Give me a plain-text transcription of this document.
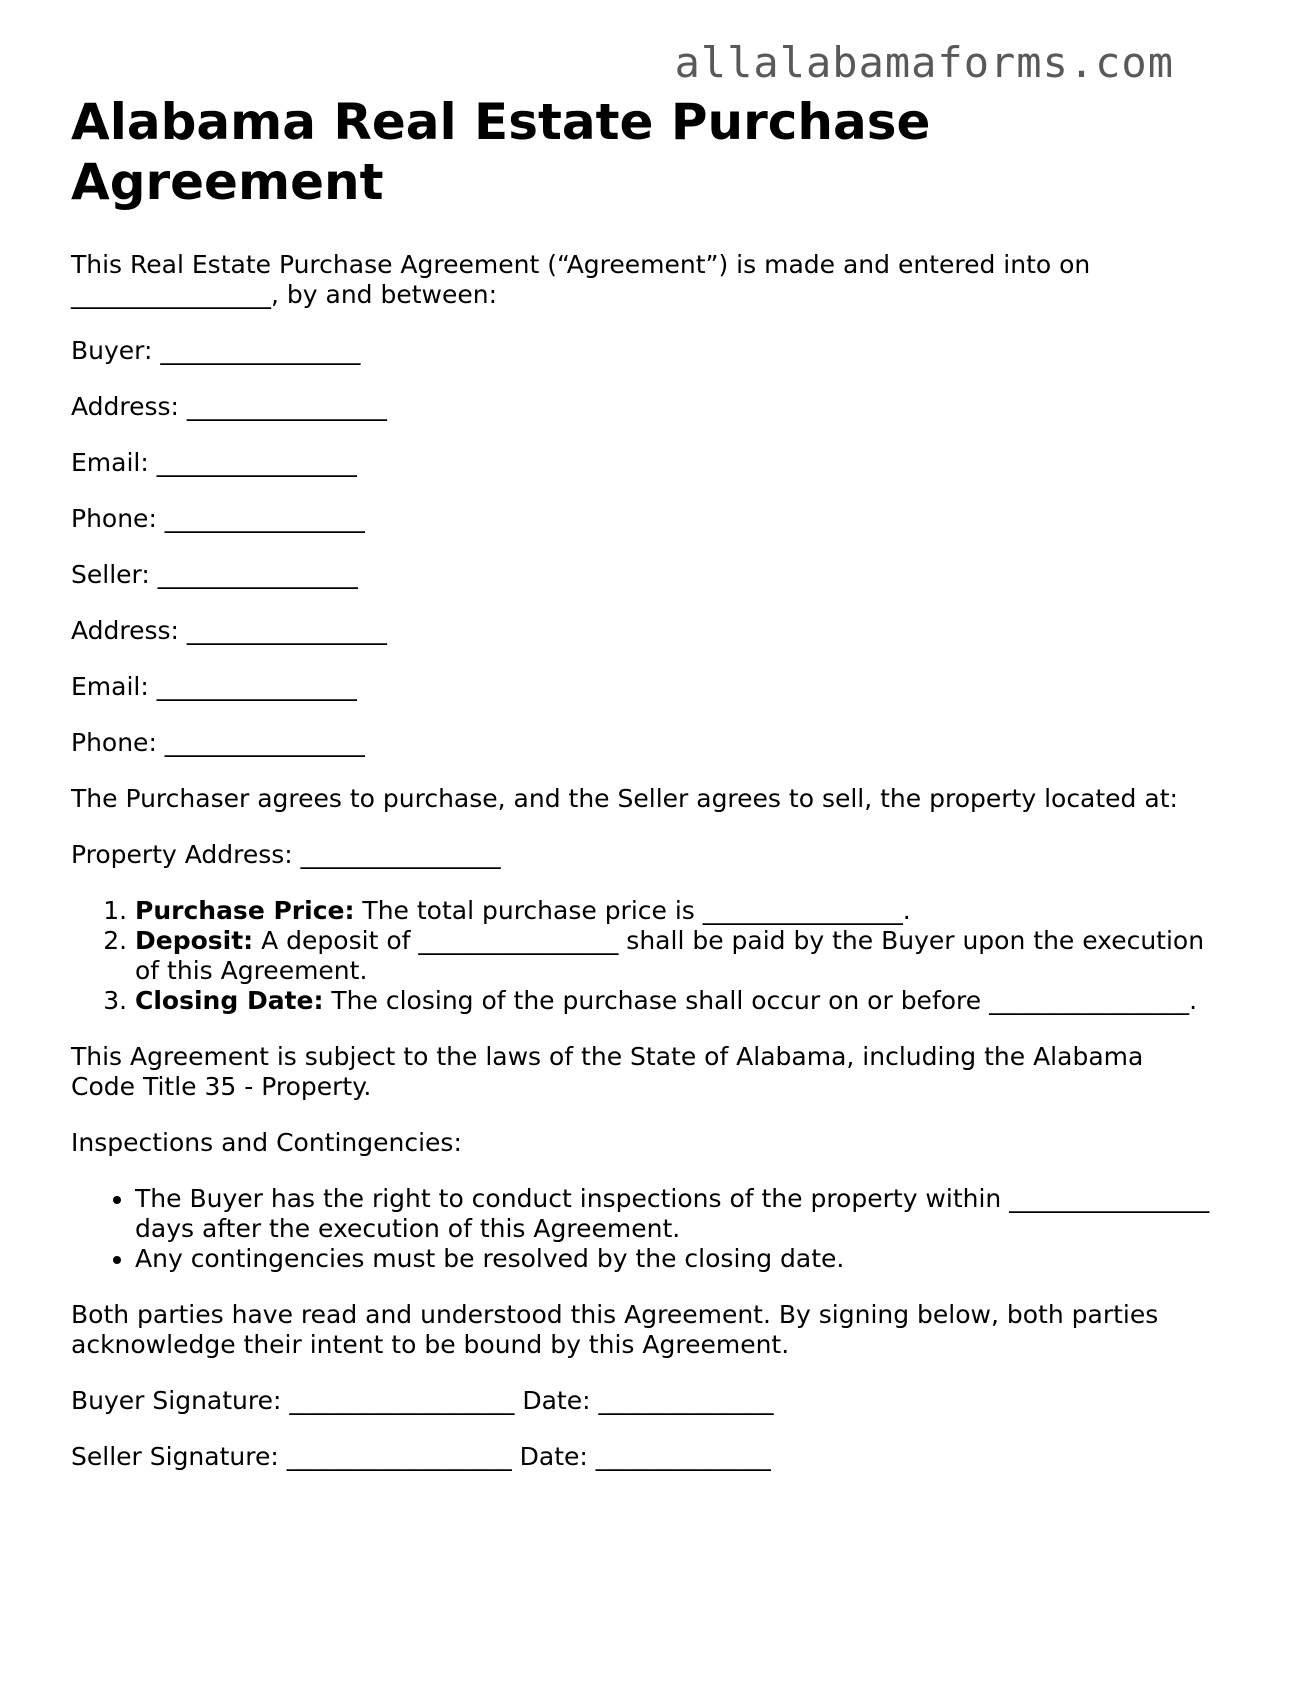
allalabamaforms.com
Alabama Real Estate Purchase Agreement

This Real Estate Purchase Agreement (“Agreement”) is made and entered into on ________________, by and between:

Buyer: ________________
Address: ________________
Email: ________________
Phone: ________________
Seller: ________________
Address: ________________
Email: ________________
Phone: ________________

The Purchaser agrees to purchase, and the Seller agrees to sell, the property located at:

Property Address: ________________
1. Purchase Price: The total purchase price is ________________.
2. Deposit: A deposit of ________________ shall be paid by the Buyer upon the execution of this Agreement.
3. Closing Date: The closing of the purchase shall occur on or before ________________.

This Agreement is subject to the laws of the State of Alabama, including the Alabama Code Title 35 - Property.

Inspections and Contingencies:

• The Buyer has the right to conduct inspections of the property within ________________ days after the execution of this Agreement.
• Any contingencies must be resolved by the closing date.

Both parties have read and understood this Agreement. By signing below, both parties acknowledge their intent to be bound by this Agreement.

Buyer Signature: __________________ Date: ______________
Seller Signature: __________________ Date: ______________
